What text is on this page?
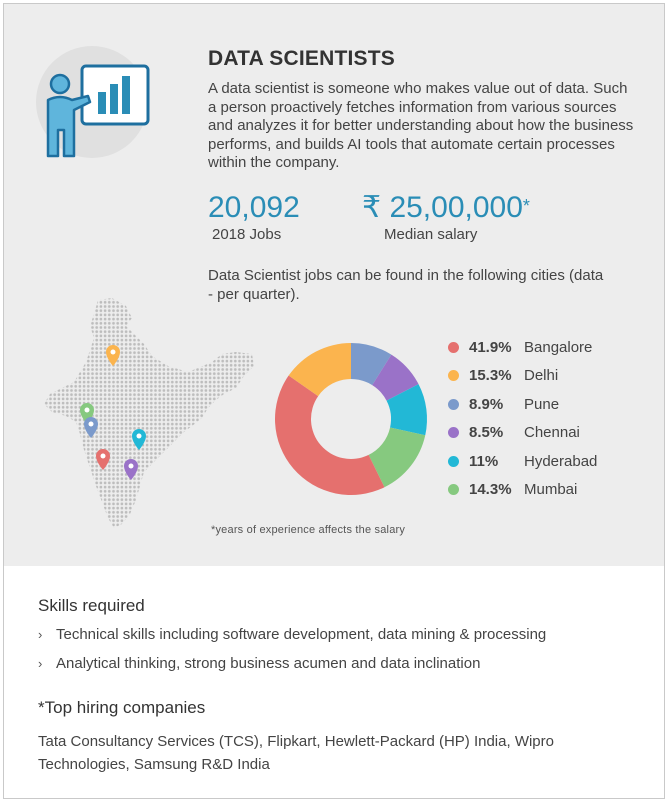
DATA SCIENTISTS
A data scientist is someone who makes value out of data. Such a person proactively fetches information from various sources and analyzes it for better understanding about how the business performs, and builds AI tools that automate certain processes within the company.
20,092
2018 Jobs
₹ 25,00,000*
Median salary
Data Scientist jobs can be found in the following cities (data - per quarter).
41.9% Bangalore
15.3% Delhi
8.9%	Pune
8.5%	Chennai
11%	Hyderabad
14.3% Mumbai
*years of experience affects the salary
Skills required
› Technical skills including software development, data mining & processing
› Analytical thinking, strong business acumen and data inclination
*Top hiring companies
Tata Consultancy Services (TCS), Flipkart, Hewlett-Packard (HP) India, Wipro Technologies, Samsung R&D India
